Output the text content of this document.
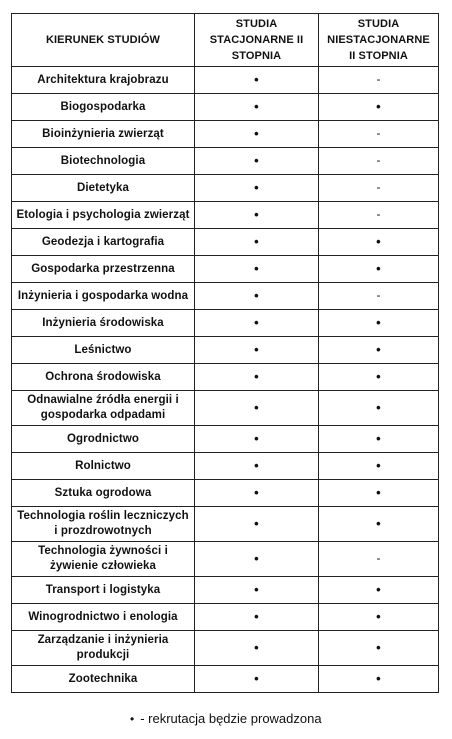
KIERUNEK STUDIÓW	STUDIA STACJONARNE II STOPNIA	STUDIA NIESTACJONARNE II STOPNIA
Architektura krajobrazu	•	-
Biogospodarka	•	•
Bioinżynieria zwierząt	•	-
Biotechnologia	•	-
Dietetyka	•	-
Etologia i psychologia zwierząt	•	-
Geodezja i kartografia	•	•
Gospodarka przestrzenna	•	•
Inżynieria i gospodarka wodna	•	-
Inżynieria środowiska	•	•
Leśnictwo	•	•
Ochrona środowiska	•	•
Odnawialne źródła energii i gospodarka odpadami	•	•
Ogrodnictwo	•	•
Rolnictwo	•	•
Sztuka ogrodowa	•	•
Technologia roślin leczniczych i prozdrowotnych	•	•
Technologia żywności i żywienie człowieka	•	-
Transport i logistyka	•	•
Winogrodnictwo i enologia	•	•
Zarządzanie i inżynieria produkcji	•	•
Zootechnika	•	•
• - rekrutacja będzie prowadzona
